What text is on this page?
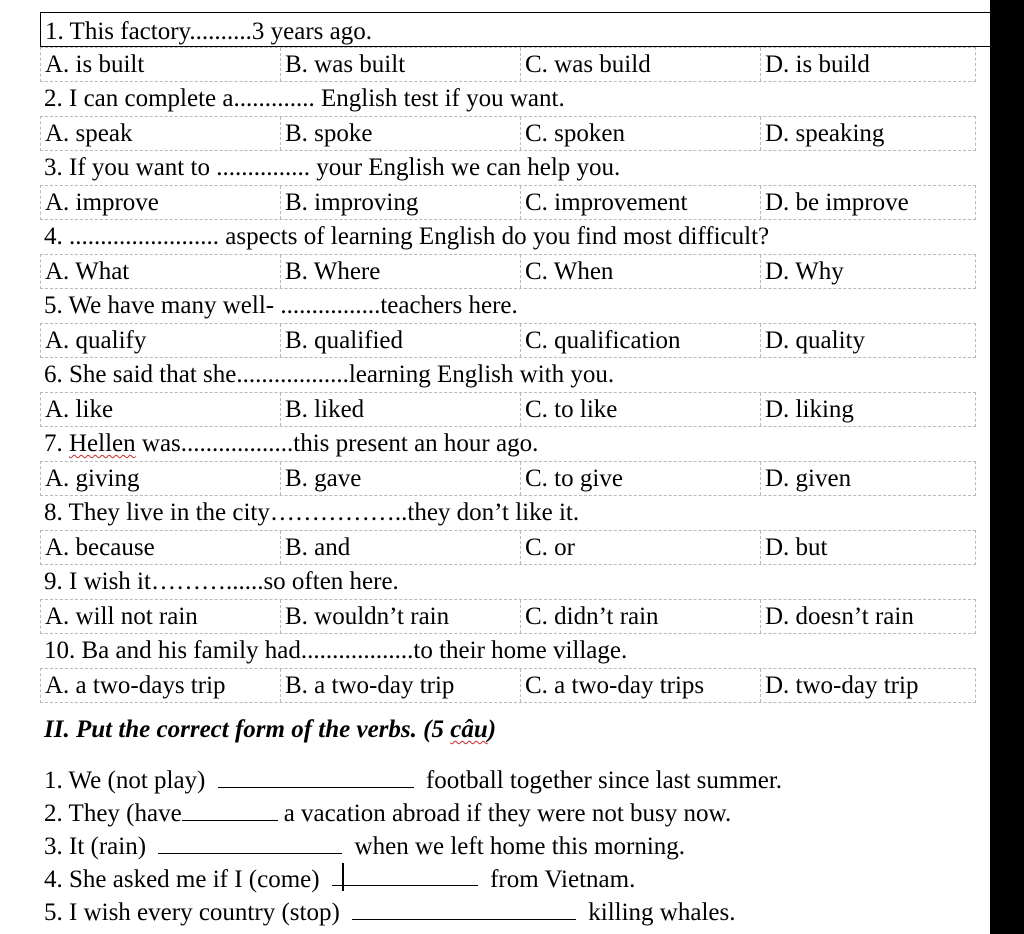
1. This factory..........3 years ago.
A. is built	B. was built	C. was build	D. is build
2. I can complete a............. English test if you want.
A. speak	B. spoke	C. spoken	D. speaking
3. If you want to ............... your English we can help you.
A. improve	B. improving	C. improvement	D. be improve
4. ........................ aspects of learning English do you find most difficult?
A. What	B. Where	C. When	D. Why
5. We have many well- ................teachers here.
A. qualify	B. qualified	C. qualification	D. quality
6. She said that she..................learning English with you.
A. like	B. liked	C. to like	D. liking
7. Hellen was..................this present an hour ago.
A. giving	B. gave	C. to give	D. given
8. They live in the city……………..they don’t like it.
A. because	B. and	C. or	D. but
9. I wish it………......so often here.
A. will not rain	B. wouldn’t rain	C. didn’t rain	D. doesn’t rain
10. Ba and his family had..................to their home village.
A. a two-days trip	B. a two-day trip	C. a two-day trips	D. two-day trip
II. Put the correct form of the verbs. (5 câu)
1. We (not play)	football together since last summer.
2. They (have	a vacation abroad if they were not busy now.
3. It (rain)	when we left home this morning.
4. She asked me if I (come)	from Vietnam.
5. I wish every country (stop)	killing whales.
